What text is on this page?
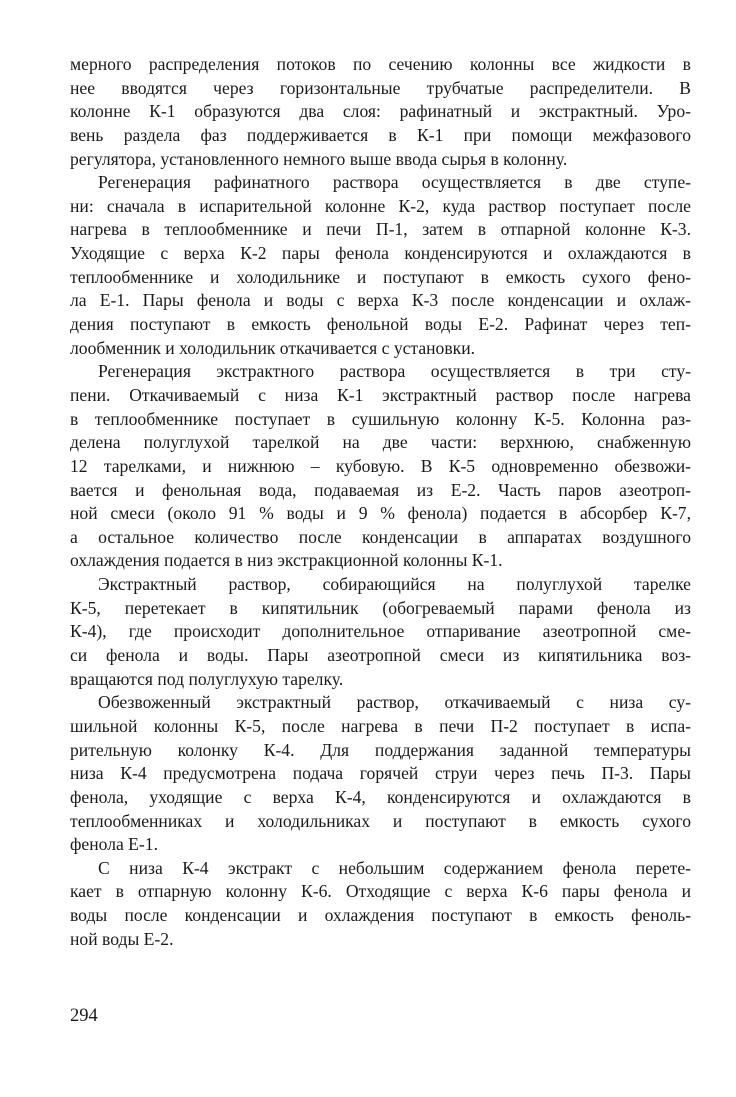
мерного распределения потоков по сечению колонны все жидкости в
нее вводятся через горизонтальные трубчатые распределители. В
колонне К-1 образуются два слоя: рафинатный и экстрактный. Уро-
вень раздела фаз поддерживается в К-1 при помощи межфазового
регулятора, установленного немного выше ввода сырья в колонну.
Регенерация рафинатного раствора осуществляется в две ступе-
ни: сначала в испарительной колонне К-2, куда раствор поступает после
нагрева в теплообменнике и печи П-1, затем в отпарной колонне К-3.
Уходящие с верха К-2 пары фенола конденсируются и охлаждаются в
теплообменнике и холодильнике и поступают в емкость сухого фено-
ла Е-1. Пары фенола и воды с верха К-3 после конденсации и охлаж-
дения поступают в емкость фенольной воды Е-2. Рафинат через теп-
лообменник и холодильник откачивается с установки.
Регенерация экстрактного раствора осуществляется в три сту-
пени. Откачиваемый с низа К-1 экстрактный раствор после нагрева
в теплообменнике поступает в сушильную колонну К-5. Колонна раз-
делена полуглухой тарелкой на две части: верхнюю, снабженную
12 тарелками, и нижнюю – кубовую. В К-5 одновременно обезвожи-
вается и фенольная вода, подаваемая из Е-2. Часть паров азеотроп-
ной смеси (около 91 % воды и 9 % фенола) подается в абсорбер К-7,
а остальное количество после конденсации в аппаратах воздушного
охлаждения подается в низ экстракционной колонны К-1.
Экстрактный раствор, собирающийся на полуглухой тарелке
К-5, перетекает в кипятильник (обогреваемый парами фенола из
К-4), где происходит дополнительное отпаривание азеотропной сме-
си фенола и воды. Пары азеотропной смеси из кипятильника воз-
вращаются под полуглухую тарелку.
Обезвоженный экстрактный раствор, откачиваемый с низа су-
шильной колонны К-5, после нагрева в печи П-2 поступает в испа-
рительную колонку К-4. Для поддержания заданной температуры
низа К-4 предусмотрена подача горячей струи через печь П-3. Пары
фенола, уходящие с верха К-4, конденсируются и охлаждаются в
теплообменниках и холодильниках и поступают в емкость сухого
фенола Е-1.
С низа К-4 экстракт с небольшим содержанием фенола перете-
кает в отпарную колонну К-6. Отходящие с верха К-6 пары фенола и
воды после конденсации и охлаждения поступают в емкость феноль-
ной воды Е-2.
294
